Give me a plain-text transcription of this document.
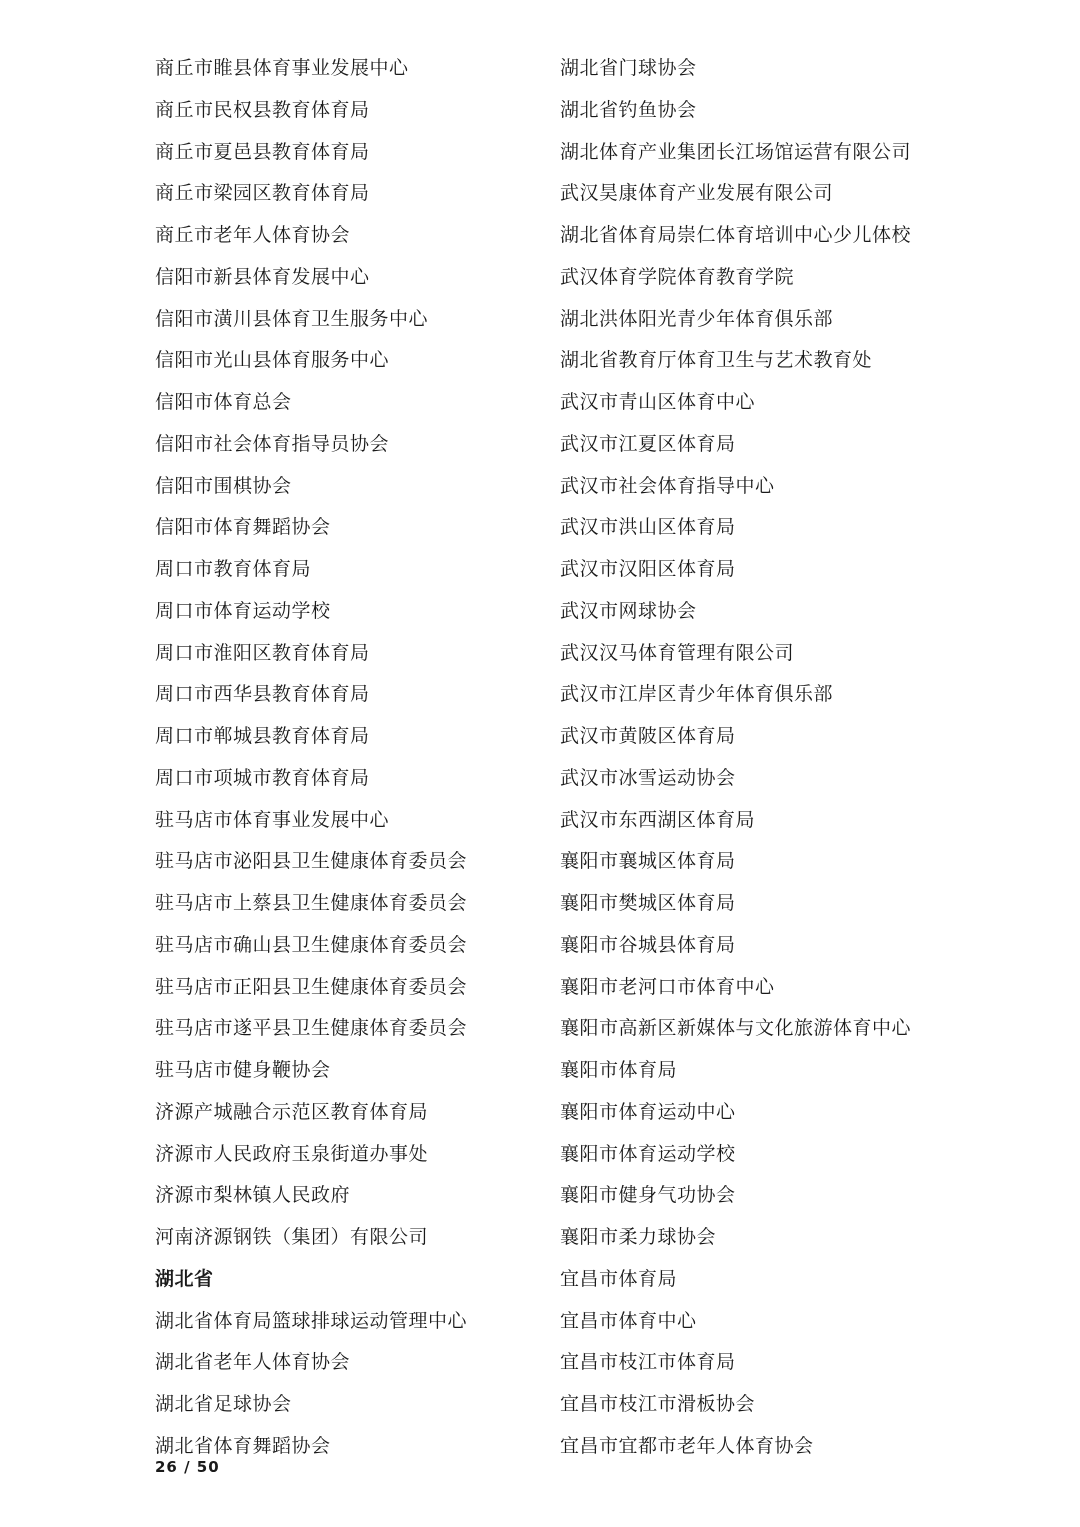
商丘市睢县体育事业发展中心
商丘市民权县教育体育局
商丘市夏邑县教育体育局
商丘市梁园区教育体育局
商丘市老年人体育协会
信阳市新县体育发展中心
信阳市潢川县体育卫生服务中心
信阳市光山县体育服务中心
信阳市体育总会
信阳市社会体育指导员协会
信阳市围棋协会
信阳市体育舞蹈协会
周口市教育体育局
周口市体育运动学校
周口市淮阳区教育体育局
周口市西华县教育体育局
周口市郸城县教育体育局
周口市项城市教育体育局
驻马店市体育事业发展中心
驻马店市泌阳县卫生健康体育委员会
驻马店市上蔡县卫生健康体育委员会
驻马店市确山县卫生健康体育委员会
驻马店市正阳县卫生健康体育委员会
驻马店市遂平县卫生健康体育委员会
驻马店市健身鞭协会
济源产城融合示范区教育体育局
济源市人民政府玉泉街道办事处
济源市梨林镇人民政府
河南济源钢铁（集团）有限公司
湖北省
湖北省体育局篮球排球运动管理中心
湖北省老年人体育协会
湖北省足球协会
湖北省体育舞蹈协会
湖北省门球协会
湖北省钓鱼协会
湖北体育产业集团长江场馆运营有限公司
武汉昊康体育产业发展有限公司
湖北省体育局崇仁体育培训中心少儿体校
武汉体育学院体育教育学院
湖北洪体阳光青少年体育俱乐部
湖北省教育厅体育卫生与艺术教育处
武汉市青山区体育中心
武汉市江夏区体育局
武汉市社会体育指导中心
武汉市洪山区体育局
武汉市汉阳区体育局
武汉市网球协会
武汉汉马体育管理有限公司
武汉市江岸区青少年体育俱乐部
武汉市黄陂区体育局
武汉市冰雪运动协会
武汉市东西湖区体育局
襄阳市襄城区体育局
襄阳市樊城区体育局
襄阳市谷城县体育局
襄阳市老河口市体育中心
襄阳市高新区新媒体与文化旅游体育中心
襄阳市体育局
襄阳市体育运动中心
襄阳市体育运动学校
襄阳市健身气功协会
襄阳市柔力球协会
宜昌市体育局
宜昌市体育中心
宜昌市枝江市体育局
宜昌市枝江市滑板协会
宜昌市宜都市老年人体育协会
26 / 50
